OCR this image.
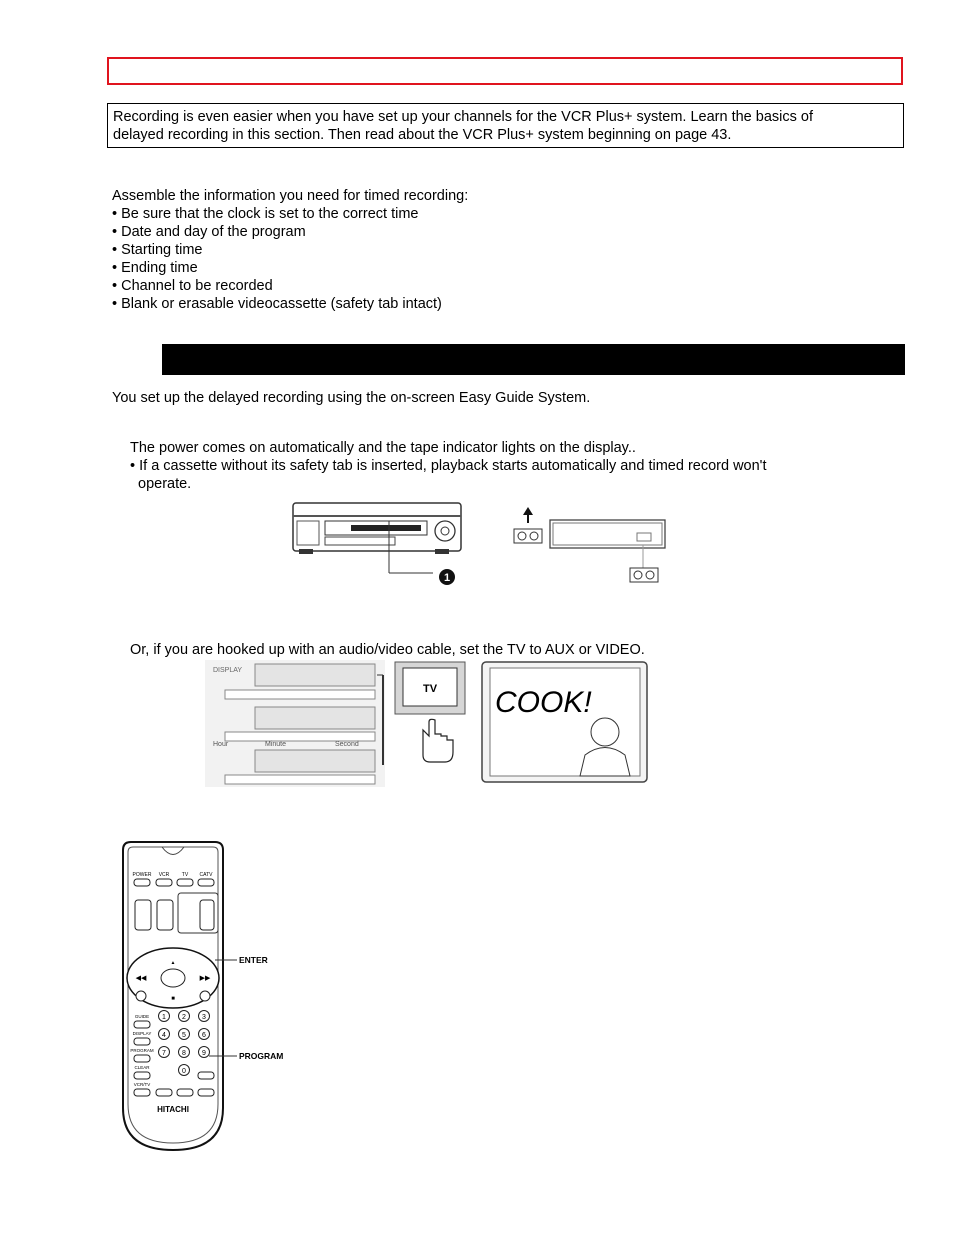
Recording is even easier when you have set up your channels for the VCR Plus+ system. Learn the basics of
delayed recording in this section. Then read about the VCR Plus+ system beginning on page 43.
Assemble the information you need for timed recording:
• Be sure that the clock is set to the correct time
• Date and day of the program
• Starting time
• Ending time
• Channel to be recorded
• Blank or erasable videocassette (safety tab intact)
You set up the delayed recording using the on-screen Easy Guide System.
The power comes on automatically and the tape indicator lights on the display..
• If a cassette without its safety tab is inserted, playback starts automatically and timed record won't
operate.
1
Or, if you are hooked up with an audio/video cable, set the TV to AUX or VIDEO.
DISPLAY
Hour	Minute	Second
TV COOK!
POWER VCR	TV CATV
▲
◀◀	▶▶
■
GUIDE
DISPLAY
PROGRAM
CLEAR
VCR/TV
1 2 3
4 5 6
7 8 9
0
HITACHI
ENTER
PROGRAM
